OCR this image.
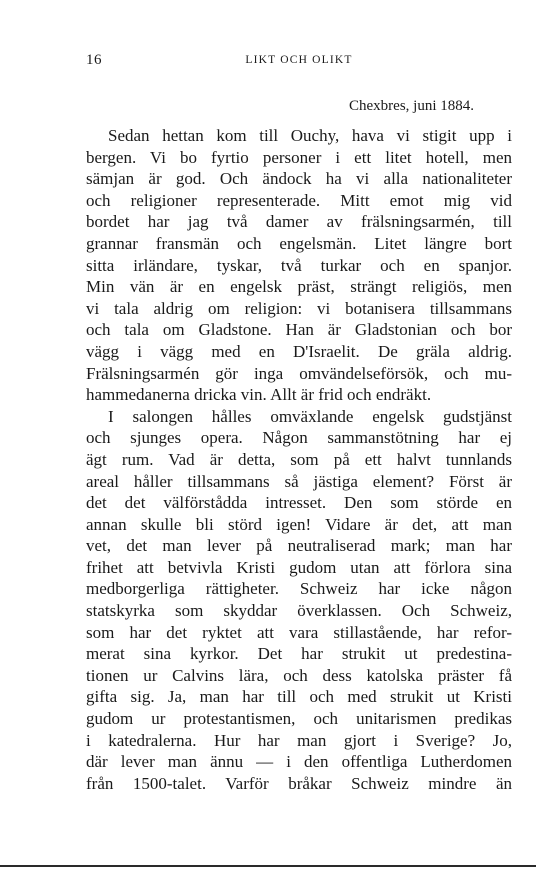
16	LIKT OCH OLIKT
Chexbres, juni 1884.

Sedan hettan kom till Ouchy, hava vi stigit upp i
bergen. Vi bo fyrtio personer i ett litet hotell, men
sämjan är god. Och ändock ha vi alla nationaliteter
och religioner representerade. Mitt emot mig vid
bordet har jag två damer av frälsningsarmén, till
grannar fransmän och engelsmän. Litet längre bort
sitta irländare, tyskar, två turkar och en spanjor.
Min vän är en engelsk präst, strängt religiös, men
vi tala aldrig om religion: vi botanisera tillsammans
och tala om Gladstone. Han är Gladstonian och bor
vägg i vägg med en D'Israelit. De gräla aldrig.
Frälsningsarmén gör inga omvändelseförsök, och mu-
hammedanerna dricka vin. Allt är frid och endräkt.

I salongen hålles omväxlande engelsk gudstjänst
och sjunges opera. Någon sammanstötning har ej
ägt rum. Vad är detta, som på ett halvt tunnlands
areal håller tillsammans så jästiga element? Först är
det det välförstådda intresset. Den som störde en
annan skulle bli störd igen! Vidare är det, att man
vet, det man lever på neutraliserad mark; man har
frihet att betvivla Kristi gudom utan att förlora sina
medborgerliga rättigheter. Schweiz har icke någon
statskyrka som skyddar överklassen. Och Schweiz,
som har det ryktet att vara stillastående, har refor-
merat sina kyrkor. Det har strukit ut predestina-
tionen ur Calvins lära, och dess katolska präster få
gifta sig. Ja, man har till och med strukit ut Kristi
gudom ur protestantismen, och unitarismen predikas
i katedralerna. Hur har man gjort i Sverige? Jo,
där lever man ännu — i den offentliga Lutherdomen
från 1500-talet. Varför bråkar Schweiz mindre än
